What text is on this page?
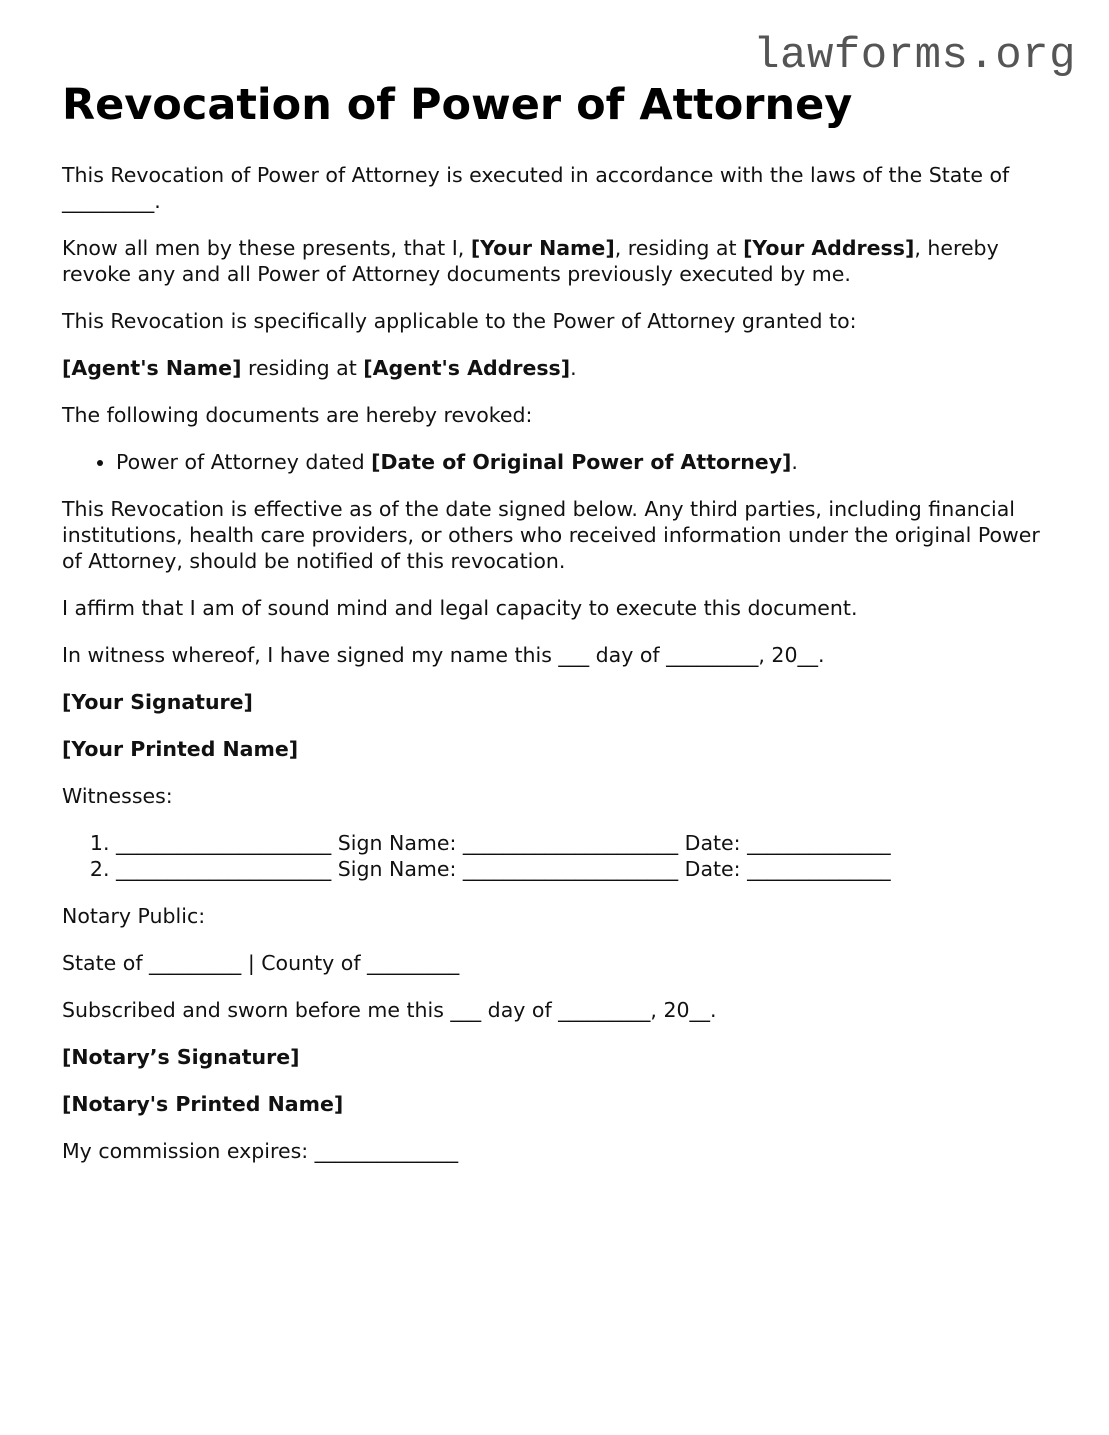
lawforms.org
Revocation of Power of Attorney

This Revocation of Power of Attorney is executed in accordance with the laws of the State of _________.

Know all men by these presents, that I, [Your Name], residing at [Your Address], hereby revoke any and all Power of Attorney documents previously executed by me.

This Revocation is specifically applicable to the Power of Attorney granted to:

[Agent's Name] residing at [Agent's Address].

The following documents are hereby revoked:

• Power of Attorney dated [Date of Original Power of Attorney].

This Revocation is effective as of the date signed below. Any third parties, including financial institutions, health care providers, or others who received information under the original Power of Attorney, should be notified of this revocation.

I affirm that I am of sound mind and legal capacity to execute this document.

In witness whereof, I have signed my name this ___ day of _________, 20__.

[Your Signature]

[Your Printed Name]

Witnesses:

1. _____________________ Sign Name: _____________________ Date: ______________
2. _____________________ Sign Name: _____________________ Date: ______________

Notary Public:

State of _________ | County of _________

Subscribed and sworn before me this ___ day of _________, 20__.

[Notary’s Signature]

[Notary's Printed Name]

My commission expires: ______________
